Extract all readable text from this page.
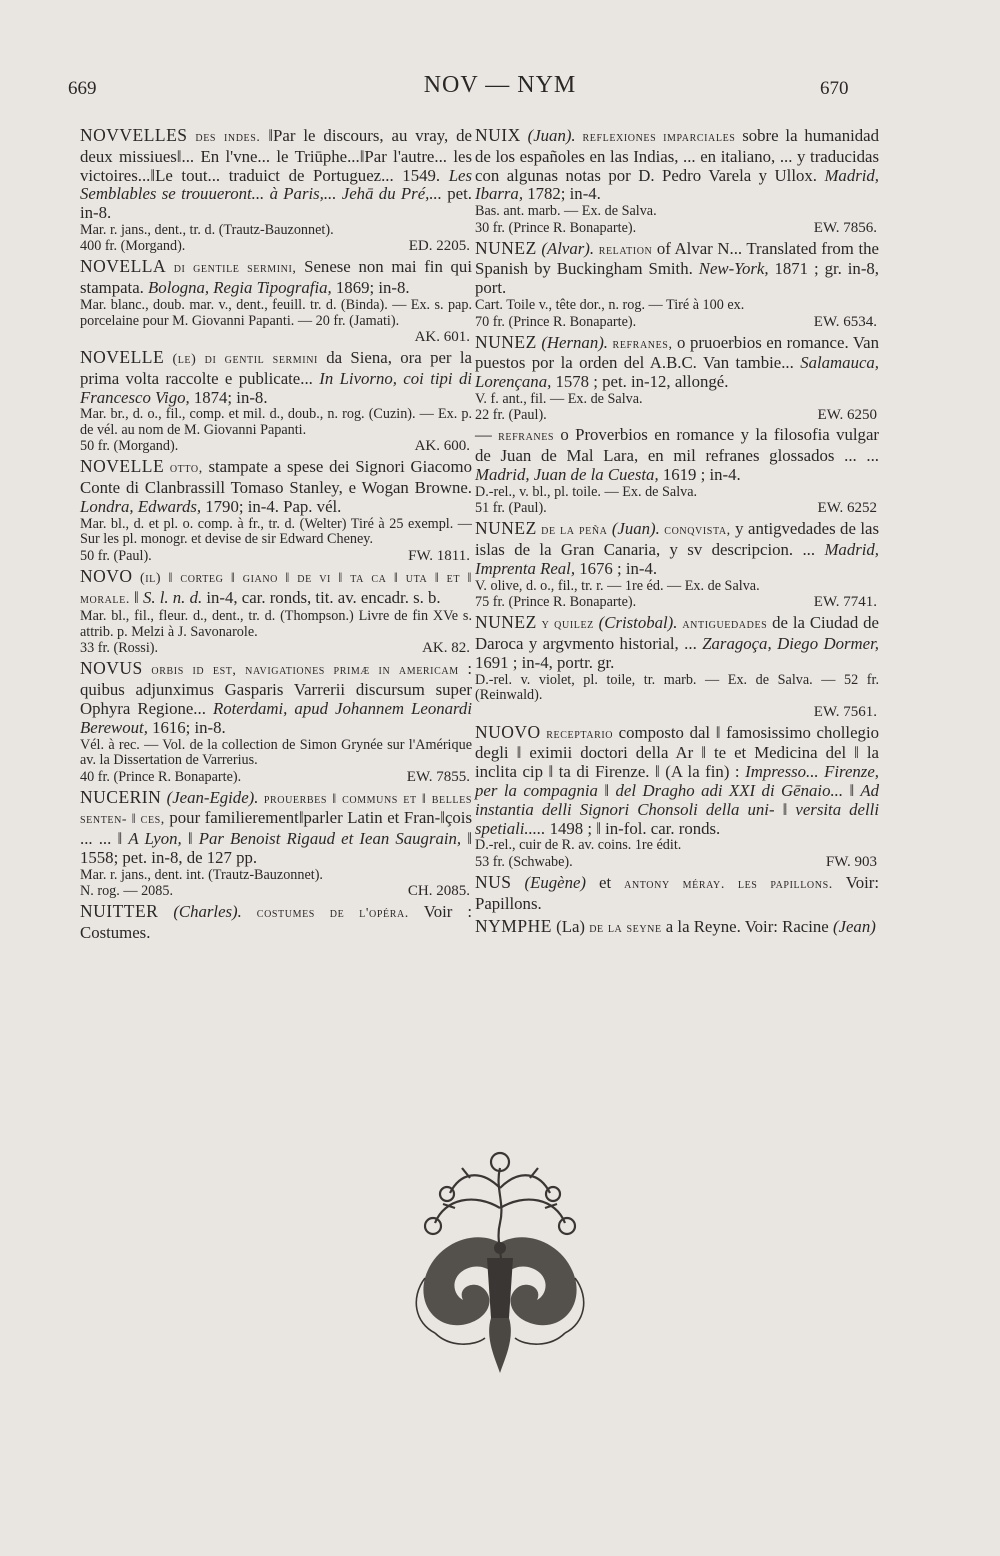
669	NOV — NYM	670
NOVVELLES des indes. ‖Par le discours, au vray, de deux missiues‖... En l'vne... le Triūphe...‖Par l'autre... les victoires...‖Le tout... traduict de Portuguez... 1549. Les Semblables se trouueront... à Paris,... Jehā du Pré,... pet. in-8.
Mar. r. jans., dent., tr. d. (Trautz-Bauzonnet).
400 fr. (Morgand).	ED. 2205.
NOVELLA di gentile sermini, Senese non mai fin qui stampata. Bologna, Regia Tipografia, 1869; in-8.
Mar. blanc., doub. mar. v., dent., feuill. tr. d. (Binda). — Ex. s. pap. porcelaine pour M. Giovanni Papanti. — 20 fr. (Jamati).
AK. 601.
NOVELLE (le) di gentil sermini da Siena, ora per la prima volta raccolte e publicate... In Livorno, coi tipi di Francesco Vigo, 1874; in-8.
Mar. br., d. o., fil., comp. et mil. d., doub., n. rog. (Cuzin). — Ex. p. de vél. au nom de M. Giovanni Papanti.
50 fr. (Morgand).	AK. 600.
NOVELLE otto, stampate a spese dei Signori Giacomo Conte di Clanbrassill Tomaso Stanley, e Wogan Browne. Londra, Edwards, 1790; in-4. Pap. vél.
Mar. bl., d. et pl. o. comp. à fr., tr. d. (Welter) Tiré à 25 exempl. — Sur les pl. monogr. et devise de sir Edward Cheney.
50 fr. (Paul).	FW. 1811.
NOVO (il) ‖ corteg ‖ giano ‖ de vi ‖ ta ca ‖ uta ‖ et ‖ morale. ‖ S. l. n. d. in-4, car. ronds, tit. av. encadr. s. b.
Mar. bl., fil., fleur. d., dent., tr. d. (Thompson.) Livre de fin XVe s. attrib. p. Melzi à J. Savonarole.
33 fr. (Rossi).	AK. 82.
NOVUS orbis id est, navigationes primæ in americam : quibus adjunximus Gasparis Varrerii discursum super Ophyra Regione... Roterdami, apud Johannem Leonardi Berewout, 1616; in-8.
Vél. à rec. — Vol. de la collection de Simon Grynée sur l'Amérique av. la Dissertation de Varrerius.
40 fr. (Prince R. Bonaparte).	EW. 7855.
NUCERIN (Jean-Egide). prouerbes ‖ communs et ‖ belles senten- ‖ ces, pour familierement‖parler Latin et Fran-‖çois ... ... ‖ A Lyon, ‖ Par Benoist Rigaud et Iean Saugrain, ‖ 1558; pet. in-8, de 127 pp.
Mar. r. jans., dent. int. (Trautz-Bauzonnet).
N. rog. — 2085.	CH. 2085.
NUITTER (Charles). costumes de l'opéra. Voir : Costumes.
NUIX (Juan). reflexiones imparciales sobre la humanidad de los españoles en las Indias, ... en italiano, ... y traducidas con algunas notas por D. Pedro Varela y Ullox. Madrid, Ibarra, 1782; in-4.
Bas. ant. marb. — Ex. de Salva.
30 fr. (Prince R. Bonaparte).	EW. 7856.
NUNEZ (Alvar). relation of Alvar N... Translated from the Spanish by Buckingham Smith. New-York, 1871 ; gr. in-8, port.
Cart. Toile v., tête dor., n. rog. — Tiré à 100 ex.
70 fr. (Prince R. Bonaparte).	EW. 6534.
NUNEZ (Hernan). refranes, o pruoerbios en romance. Van puestos por la orden del A.B.C. Van tambie... Salamauca, Lorençana, 1578 ; pet. in-12, allongé.
V. f. ant., fil. — Ex. de Salva.
22 fr. (Paul).	EW. 6250
— refranes o Proverbios en romance y la filosofia vulgar de Juan de Mal Lara, en mil refranes glossados ... ... Madrid, Juan de la Cuesta, 1619 ; in-4.
D.-rel., v. bl., pl. toile. — Ex. de Salva.
51 fr. (Paul).	EW. 6252
NUNEZ de la peña (Juan). conqvista, y antigvedades de las islas de la Gran Canaria, y sv descripcion. ... Madrid, Imprenta Real, 1676 ; in-4.
V. olive, d. o., fil., tr. r. — 1re éd. — Ex. de Salva.
75 fr. (Prince R. Bonaparte).	EW. 7741.
NUNEZ y quilez (Cristobal). antiguedades de la Ciudad de Daroca y argvmento historial, ... Zaragoça, Diego Dormer, 1691 ; in-4, portr. gr.
D.-rel. v. violet, pl. toile, tr. marb. — Ex. de Salva. — 52 fr. (Reinwald).
EW. 7561.
NUOVO receptario composto dal ‖ famosissimo chollegio degli ‖ eximii doctori della Ar ‖ te et Medicina del ‖ la inclita cip ‖ ta di Firenze. ‖ (A la fin) : Impresso... Firenze, per la compagnia ‖ del Dragho adi XXI di Gēnaio... ‖ Ad instantia delli Signori Chonsoli della uni- ‖ versita delli spetiali..... 1498 ; ‖ in-fol. car. ronds.
D.-rel., cuir de R. av. coins. 1re édit.
53 fr. (Schwabe).	FW. 903
NUS (Eugène) et antony méray. les papillons. Voir: Papillons.
NYMPHE (La) de la seyne a la Reyne. Voir: Racine (Jean)
